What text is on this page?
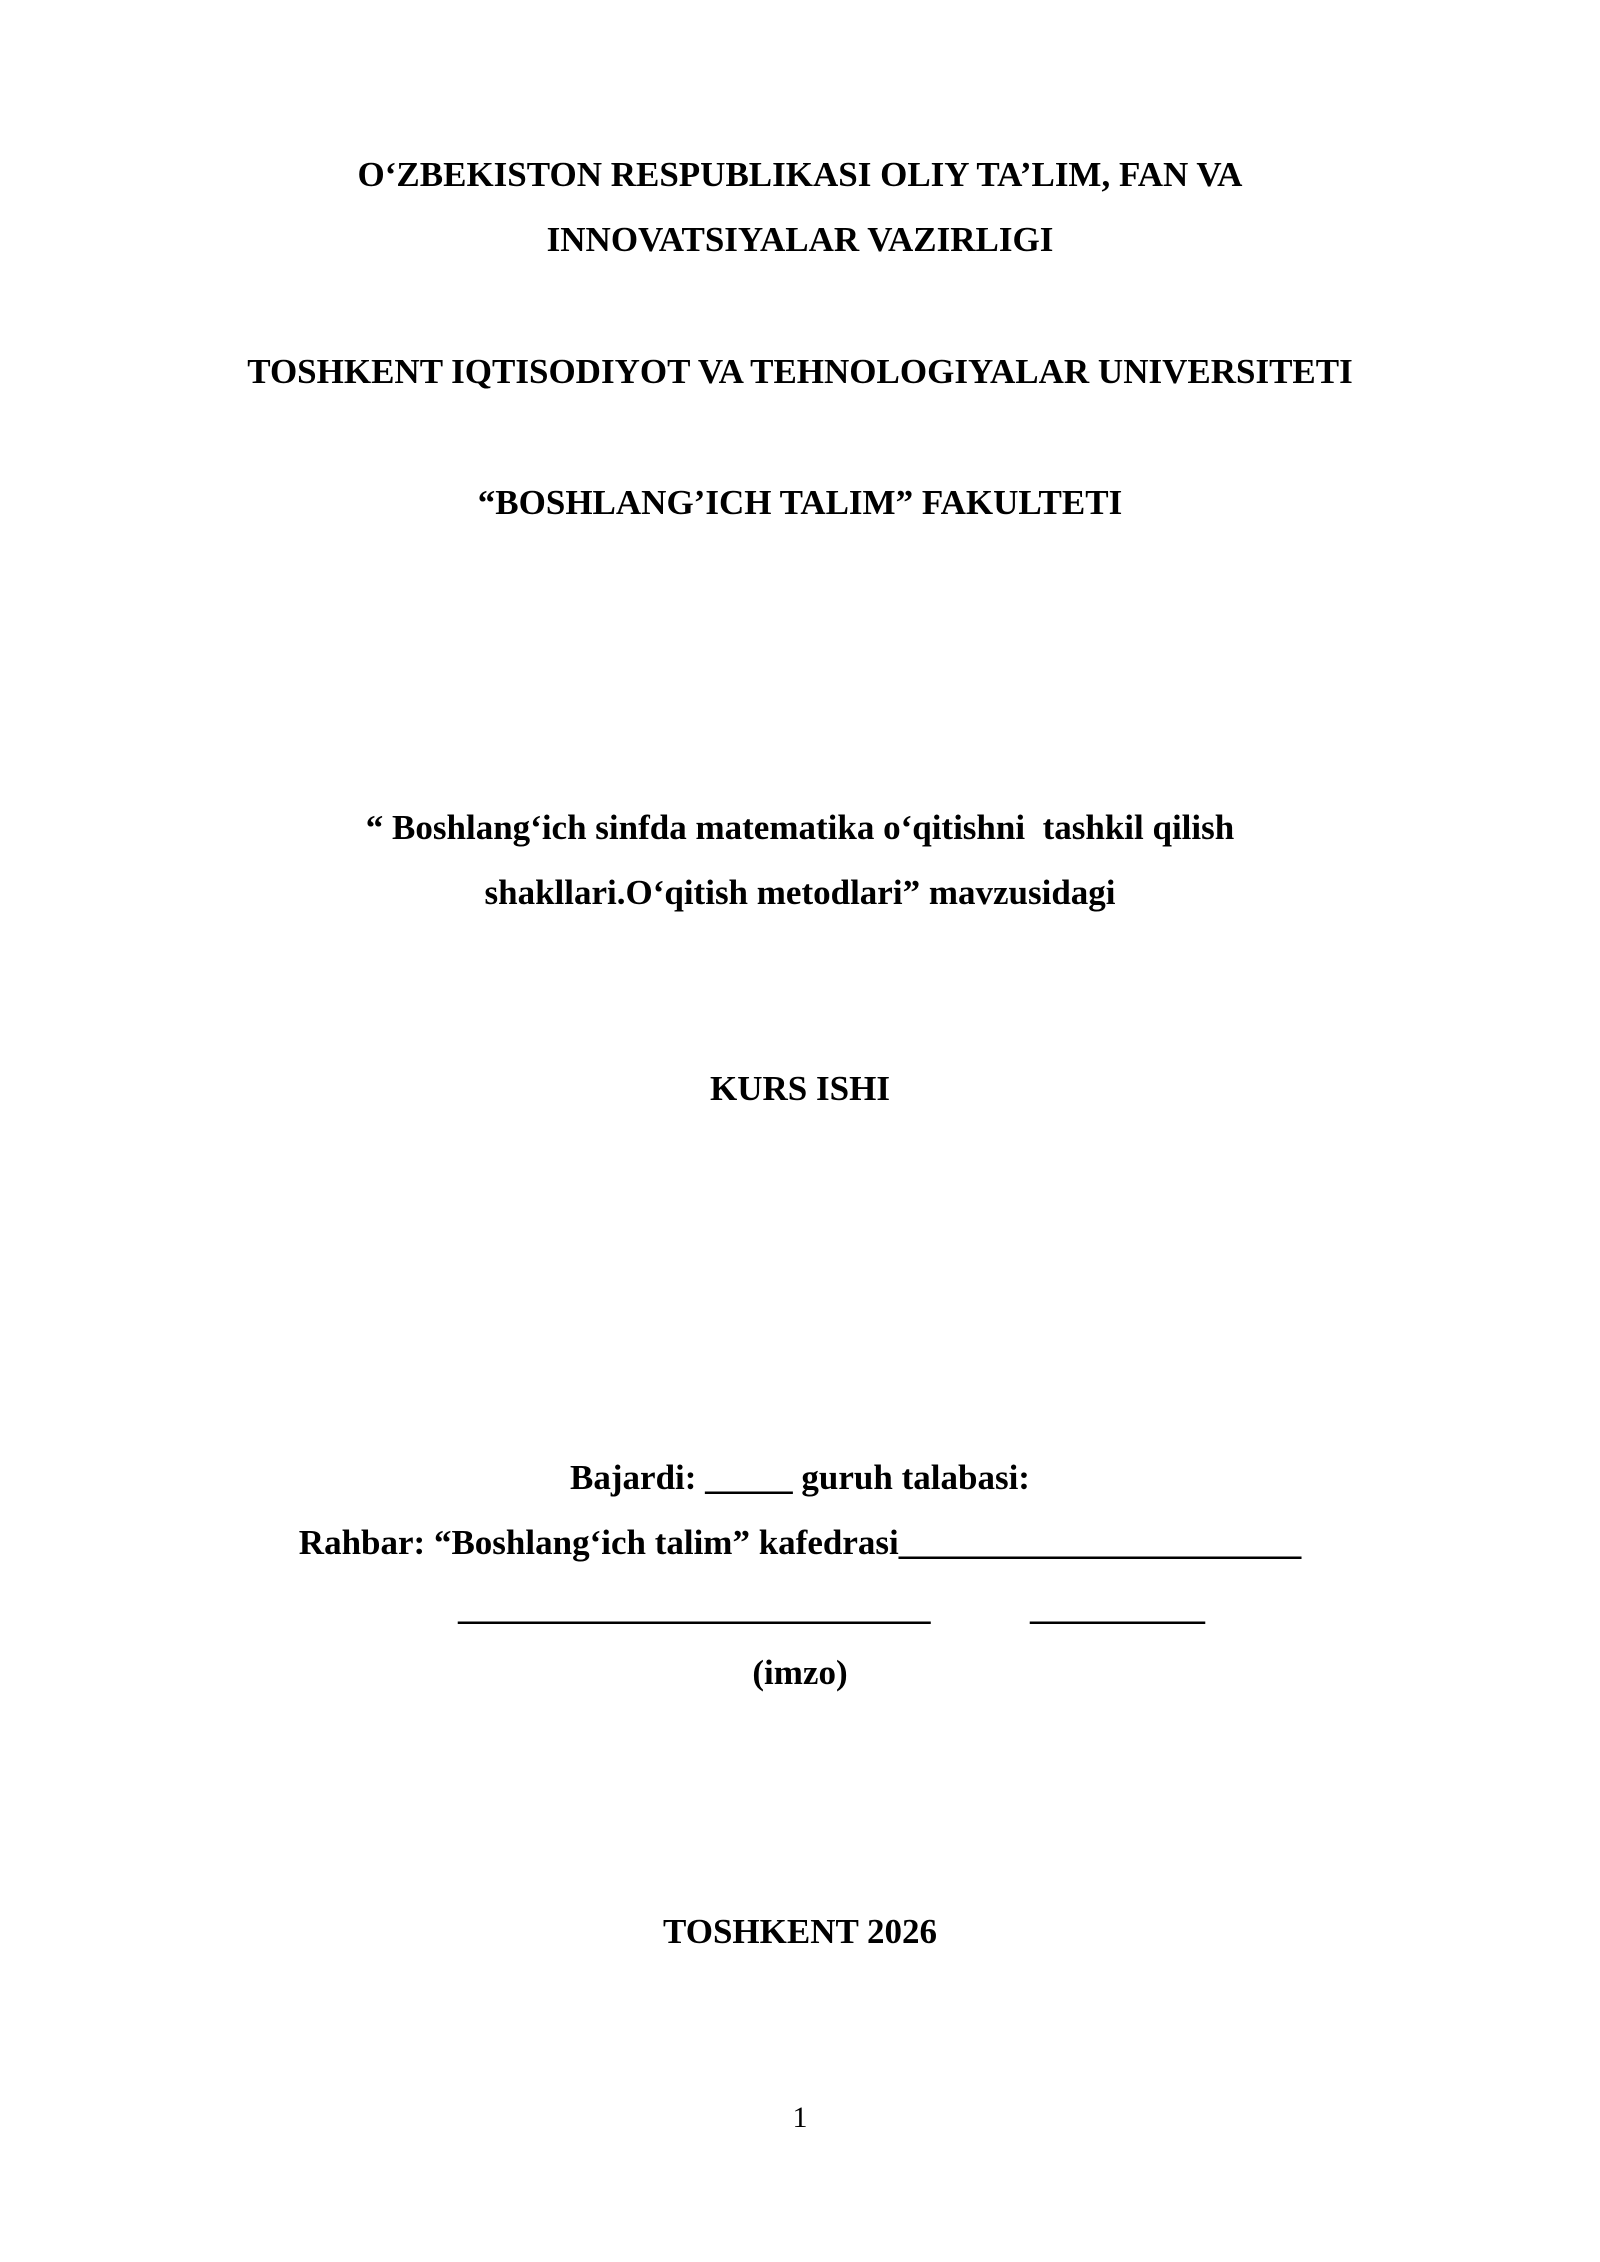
O‘ZBEKISTON RESPUBLIKASI OLIY TA’LIM, FAN VA
INNOVATSIYALAR VAZIRLIGI
TOSHKENT IQTISODIYOT VA TEHNOLOGIYALAR UNIVERSITETI
“BOSHLANG’ICH TALIM” FAKULTETI
“ Boshlang‘ich sinfda matematika o‘qitishni  tashkil qilish
shakllari.O‘qitish metodlari” mavzusidagi
KURS ISHI
Bajardi: _____ guruh talabasi:
Rahbar: “Boshlang‘ich talim” kafedrasi_______________________
___________________________	__________
(imzo)
TOSHKENT 2026
1
